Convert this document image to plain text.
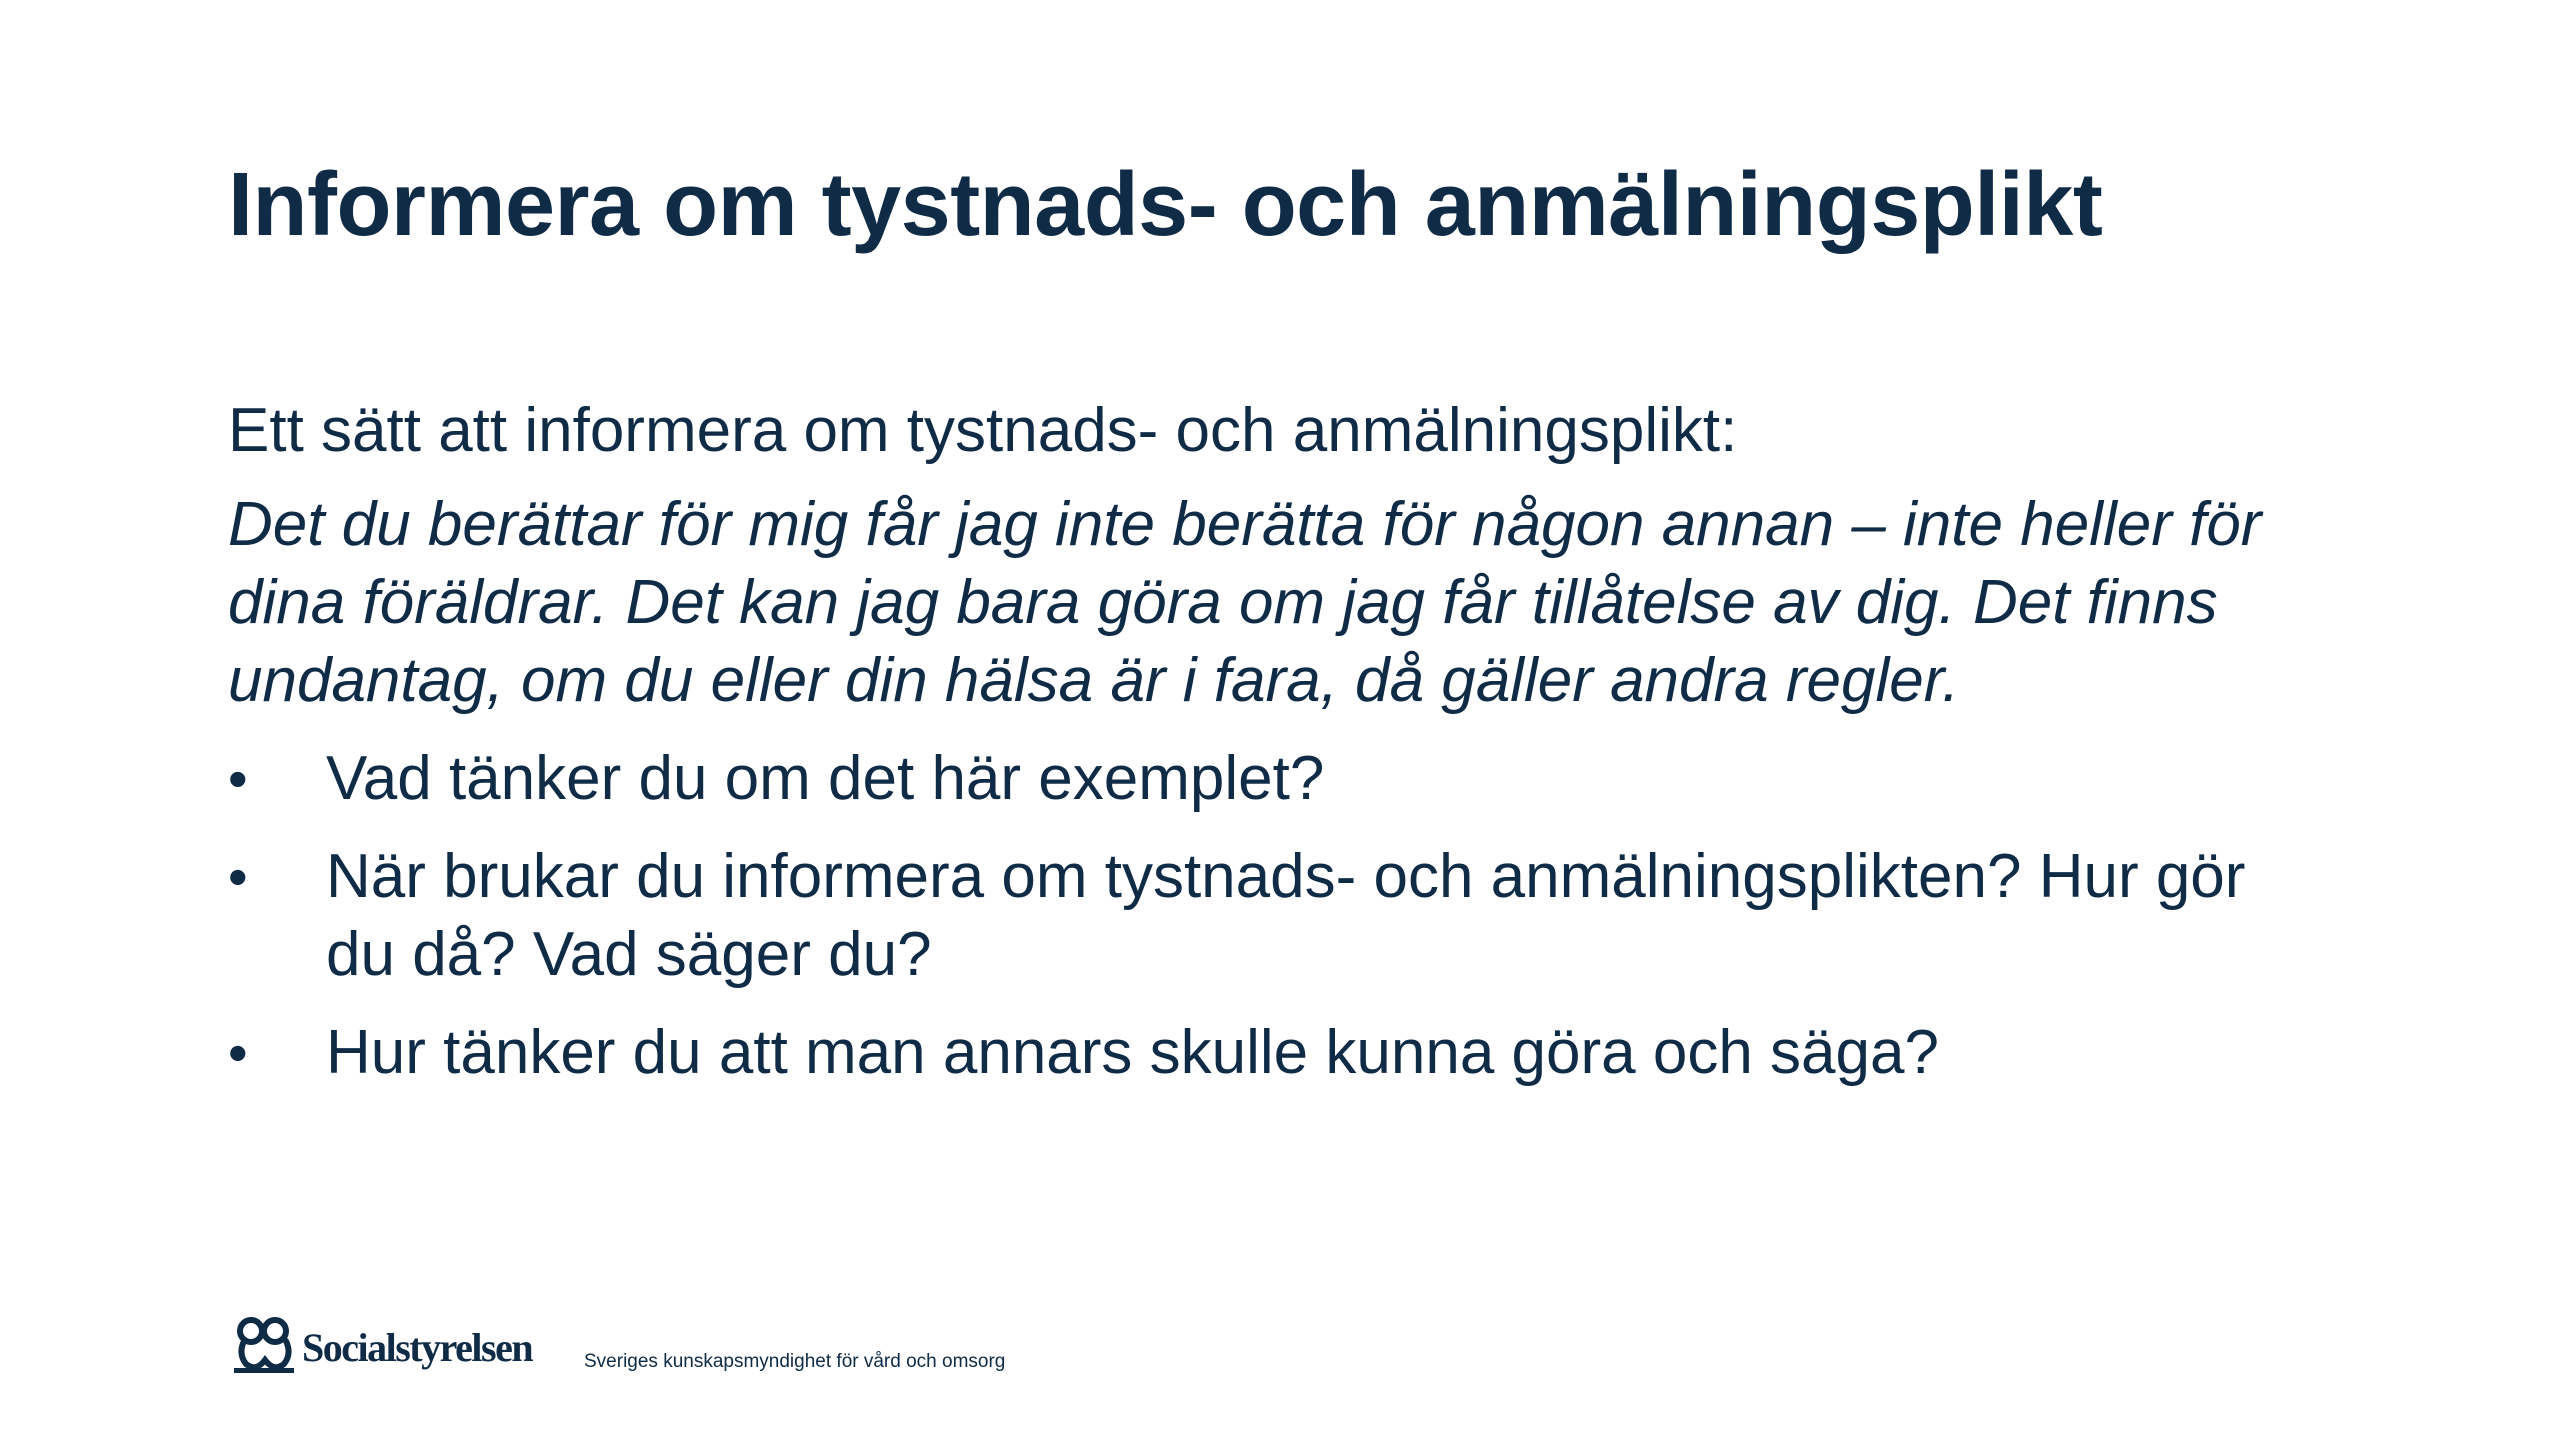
Informera om tystnads- och anmälningsplikt

Ett sätt att informera om tystnads- och anmälningsplikt:

Det du berättar för mig får jag inte berätta för någon annan – inte heller för dina föräldrar. Det kan jag bara göra om jag får tillåtelse av dig. Det finns undantag, om du eller din hälsa är i fara, då gäller andra regler.

•	Vad tänker du om det här exemplet?
•	När brukar du informera om tystnads- och anmälningsplikten? Hur gör du då? Vad säger du?
•	Hur tänker du att man annars skulle kunna göra och säga?
Socialstyrelsen	Sveriges kunskapsmyndighet för vård och omsorg
